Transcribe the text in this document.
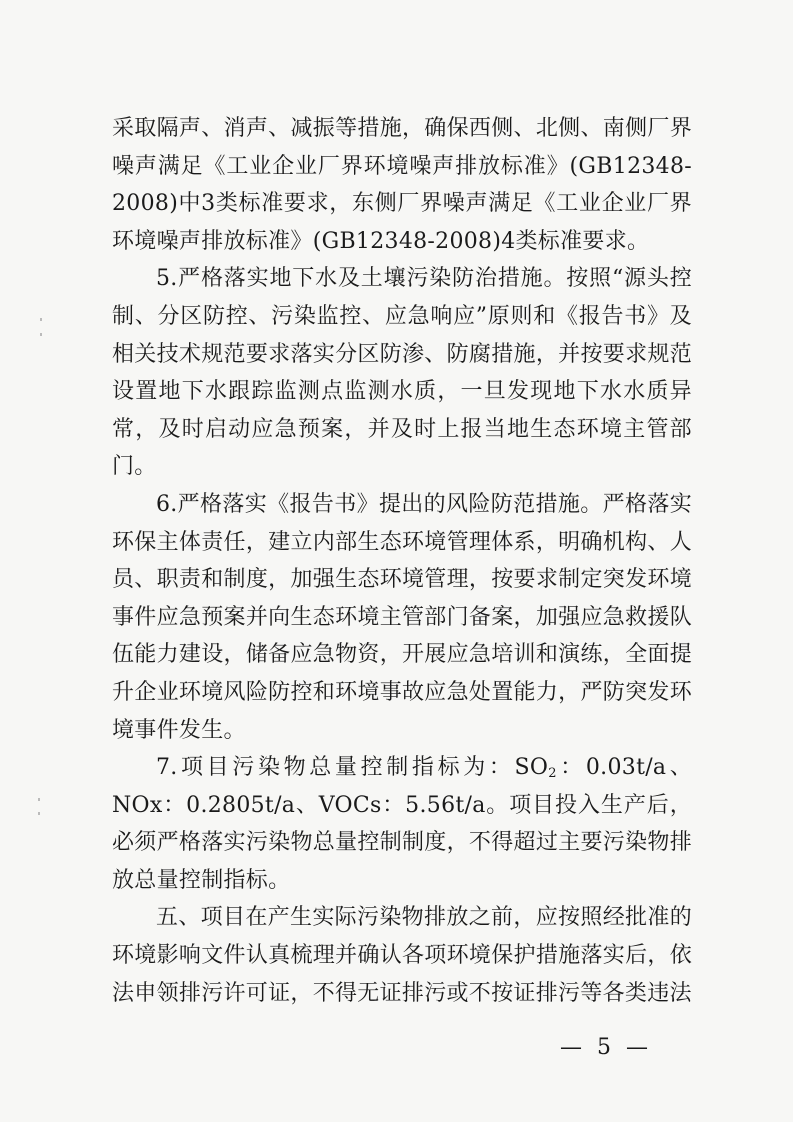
采取隔声、消声、减振等措施，确保西侧、北侧、南侧厂界噪声满足《工业企业厂界环境噪声排放标准》(GB12348-2008)中3类标准要求，东侧厂界噪声满足《工业企业厂界环境噪声排放标准》(GB12348-2008)4类标准要求。

5.严格落实地下水及土壤污染防治措施。按照“源头控制、分区防控、污染监控、应急响应”原则和《报告书》及相关技术规范要求落实分区防渗、防腐措施，并按要求规范设置地下水跟踪监测点监测水质，一旦发现地下水水质异常，及时启动应急预案，并及时上报当地生态环境主管部门。

6.严格落实《报告书》提出的风险防范措施。严格落实环保主体责任，建立内部生态环境管理体系，明确机构、人员、职责和制度，加强生态环境管理，按要求制定突发环境事件应急预案并向生态环境主管部门备案，加强应急救援队伍能力建设，储备应急物资，开展应急培训和演练，全面提升企业环境风险防控和环境事故应急处置能力，严防突发环境事件发生。

7.项目污染物总量控制指标为：$SO_2$：0.03t/a、NOx：0.2805t/a、VOCs：5.56t/a。项目投入生产后，必须严格落实污染物总量控制制度，不得超过主要污染物排放总量控制指标。

五、项目在产生实际污染物排放之前，应按照经批准的环境影响文件认真梳理并确认各项环境保护措施落实后，依法申领排污许可证，不得无证排污或不按证排污等各类违法

— 5 —
